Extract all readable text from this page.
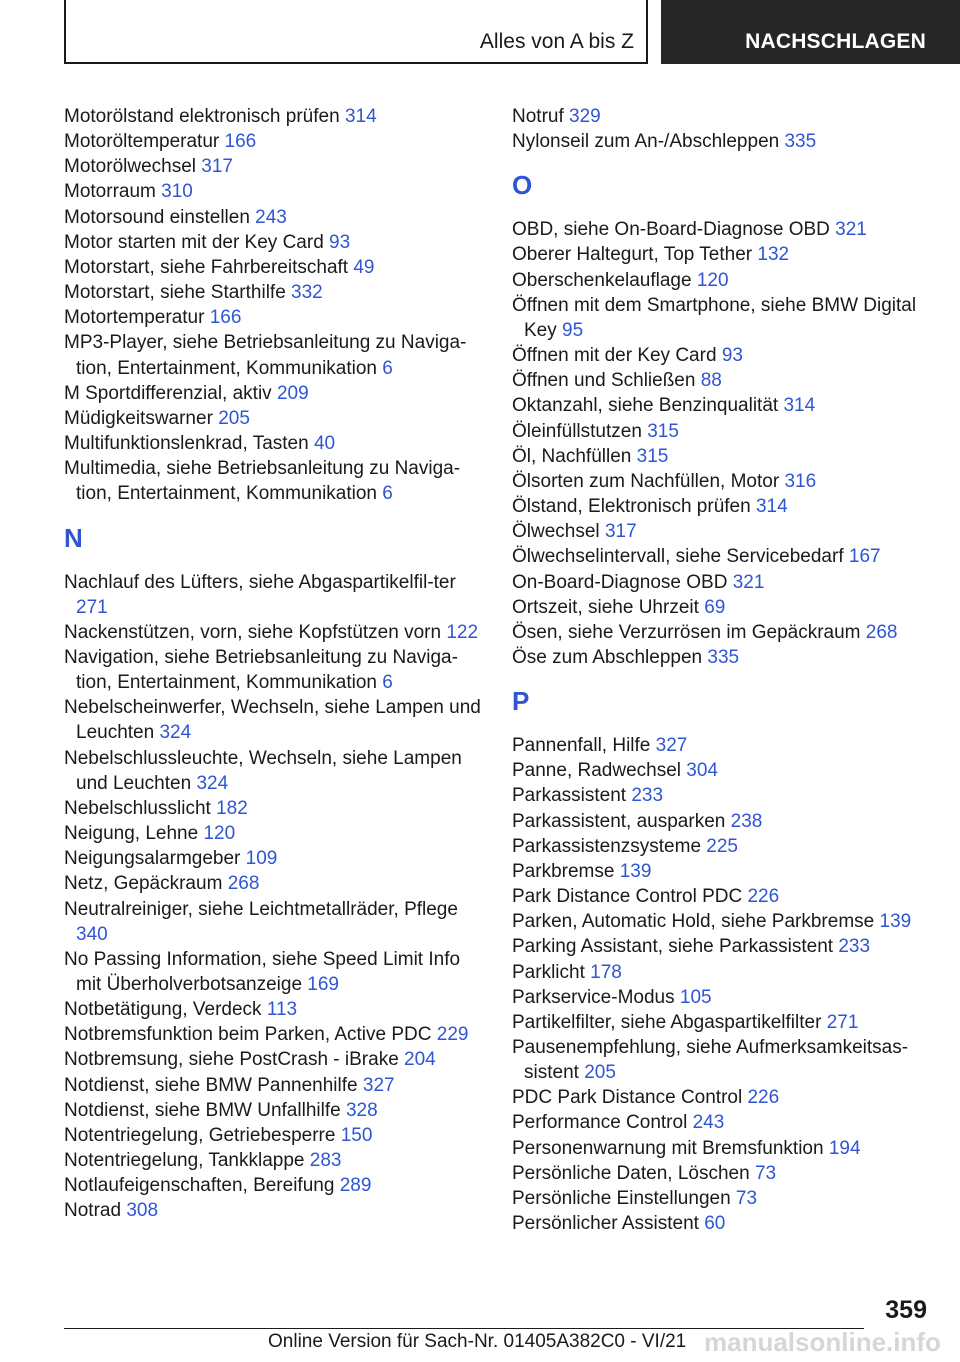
Alles von A bis Z	NACHSCHLAGEN
Motorölstand elektronisch prüfen 314
Motoröltemperatur 166
Motorölwechsel 317
Motorraum 310
Motorsound einstellen 243
Motor starten mit der Key Card 93
Motorstart, siehe Fahrbereitschaft 49
Motorstart, siehe Starthilfe 332
Motortemperatur 166
MP3-Player, siehe Betriebsanleitung zu Naviga‐tion, Entertainment, Kommunikation 6
M Sportdifferenzial, aktiv 209
Müdigkeitswarner 205
Multifunktionslenkrad, Tasten 40
Multimedia, siehe Betriebsanleitung zu Naviga‐tion, Entertainment, Kommunikation 6
N
Nachlauf des Lüfters, siehe Abgaspartikelfil‐ter 271
Nackenstützen, vorn, siehe Kopfstützen vorn 122
Navigation, siehe Betriebsanleitung zu Naviga‐tion, Entertainment, Kommunikation 6
Nebelscheinwerfer, Wechseln, siehe Lampen und Leuchten 324
Nebelschlussleuchte, Wechseln, siehe Lampen und Leuchten 324
Nebelschlusslicht 182
Neigung, Lehne 120
Neigungsalarmgeber 109
Netz, Gepäckraum 268
Neutralreiniger, siehe Leichtmetallräder, Pflege 340
No Passing Information, siehe Speed Limit Info mit Überholverbotsanzeige 169
Notbetätigung, Verdeck 113
Notbremsfunktion beim Parken, Active PDC 229
Notbremsung, siehe PostCrash - iBrake 204
Notdienst, siehe BMW Pannenhilfe 327
Notdienst, siehe BMW Unfallhilfe 328
Notentriegelung, Getriebesperre 150
Notentriegelung, Tankklappe 283
Notlaufeigenschaften, Bereifung 289
Notrad 308
Notruf 329
Nylonseil zum An-/Abschleppen 335
O
OBD, siehe On-Board-Diagnose OBD 321
Oberer Haltegurt, Top Tether 132
Oberschenkelauflage 120
Öffnen mit dem Smartphone, siehe BMW Digital Key 95
Öffnen mit der Key Card 93
Öffnen und Schließen 88
Oktanzahl, siehe Benzinqualität 314
Öleinfüllstutzen 315
Öl, Nachfüllen 315
Ölsorten zum Nachfüllen, Motor 316
Ölstand, Elektronisch prüfen 314
Ölwechsel 317
Ölwechselintervall, siehe Servicebedarf 167
On-Board-Diagnose OBD 321
Ortszeit, siehe Uhrzeit 69
Ösen, siehe Verzurrösen im Gepäckraum 268
Öse zum Abschleppen 335
P
Pannenfall, Hilfe 327
Panne, Radwechsel 304
Parkassistent 233
Parkassistent, ausparken 238
Parkassistenzsysteme 225
Parkbremse 139
Park Distance Control PDC 226
Parken, Automatic Hold, siehe Parkbremse 139
Parking Assistant, siehe Parkassistent 233
Parklicht 178
Parkservice-Modus 105
Partikelfilter, siehe Abgaspartikelfilter 271
Pausenempfehlung, siehe Aufmerksamkeitsas‐sistent 205
PDC Park Distance Control 226
Performance Control 243
Personenwarnung mit Bremsfunktion 194
Persönliche Daten, Löschen 73
Persönliche Einstellungen 73
Persönlicher Assistent 60
359
Online Version für Sach-Nr. 01405A382C0 - VI/21 manualsonline.info
